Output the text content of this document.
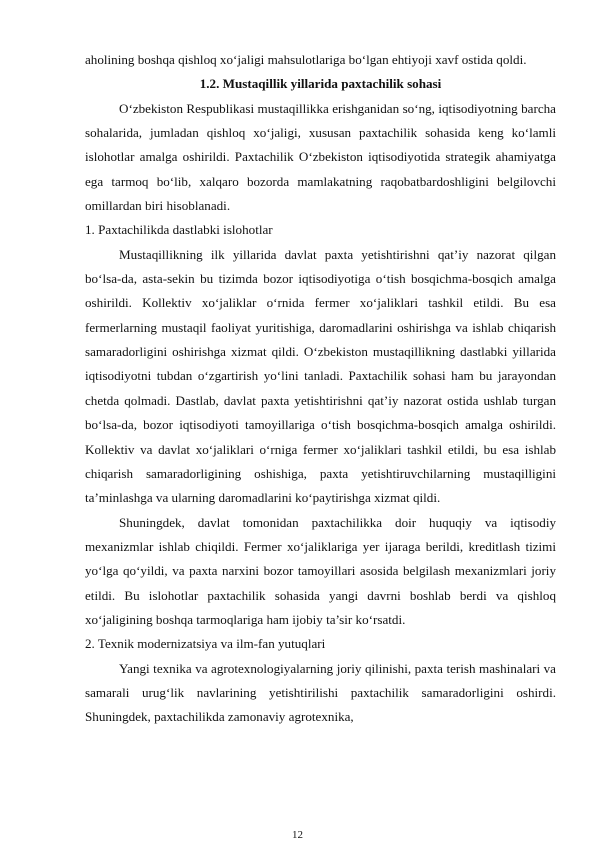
aholining boshqa qishloq xo‘jaligi mahsulotlariga bo‘lgan ehtiyoji xavf ostida qoldi.

1.2. Mustaqillik yillarida paxtachilik sohasi

O‘zbekiston Respublikasi mustaqillikka erishganidan so‘ng, iqtisodiyotning barcha sohalarida, jumladan qishloq xo‘jaligi, xususan paxtachilik sohasida keng ko‘lamli islohotlar amalga oshirildi. Paxtachilik O‘zbekiston iqtisodiyotida strategik ahamiyatga ega tarmoq bo‘lib, xalqaro bozorda mamlakatning raqobatbardoshligini belgilovchi omillardan biri hisoblanadi.

1. Paxtachilikda dastlabki islohotlar

Mustaqillikning ilk yillarida davlat paxta yetishtirishni qat’iy nazorat qilgan bo‘lsa-da, asta-sekin bu tizimda bozor iqtisodiyotiga o‘tish bosqichma-bosqich amalga oshirildi. Kollektiv xo‘jaliklar o‘rnida fermer xo‘jaliklari tashkil etildi. Bu esa fermerlarning mustaqil faoliyat yuritishiga, daromadlarini oshirishga va ishlab chiqarish samaradorligini oshirishga xizmat qildi. O‘zbekiston mustaqillikning dastlabki yillarida iqtisodiyotni tubdan o‘zgartirish yo‘lini tanladi. Paxtachilik sohasi ham bu jarayondan chetda qolmadi. Dastlab, davlat paxta yetishtirishni qat’iy nazorat ostida ushlab turgan bo‘lsa-da, bozor iqtisodiyoti tamoyillariga o‘tish bosqichma-bosqich amalga oshirildi. Kollektiv va davlat xo‘jaliklari o‘rniga fermer xo‘jaliklari tashkil etildi, bu esa ishlab chiqarish samaradorligining oshishiga, paxta yetishtiruvchilarning mustaqilligini ta’minlashga va ularning daromadlarini ko‘paytirishga xizmat qildi.

Shuningdek, davlat tomonidan paxtachilikka doir huquqiy va iqtisodiy mexanizmlar ishlab chiqildi. Fermer xo‘jaliklariga yer ijaraga berildi, kreditlash tizimi yo‘lga qo‘yildi, va paxta narxini bozor tamoyillari asosida belgilash mexanizmlari joriy etildi. Bu islohotlar paxtachilik sohasida yangi davrni boshlab berdi va qishloq xo‘jaligining boshqa tarmoqlariga ham ijobiy ta’sir ko‘rsatdi.

2. Texnik modernizatsiya va ilm-fan yutuqlari

Yangi texnika va agrotexnologiyalarning joriy qilinishi, paxta terish mashinalari va samarali urug‘lik navlarining yetishtirilishi paxtachilik samaradorligini oshirdi. Shuningdek, paxtachilikda zamonaviy agrotexnika,

12
